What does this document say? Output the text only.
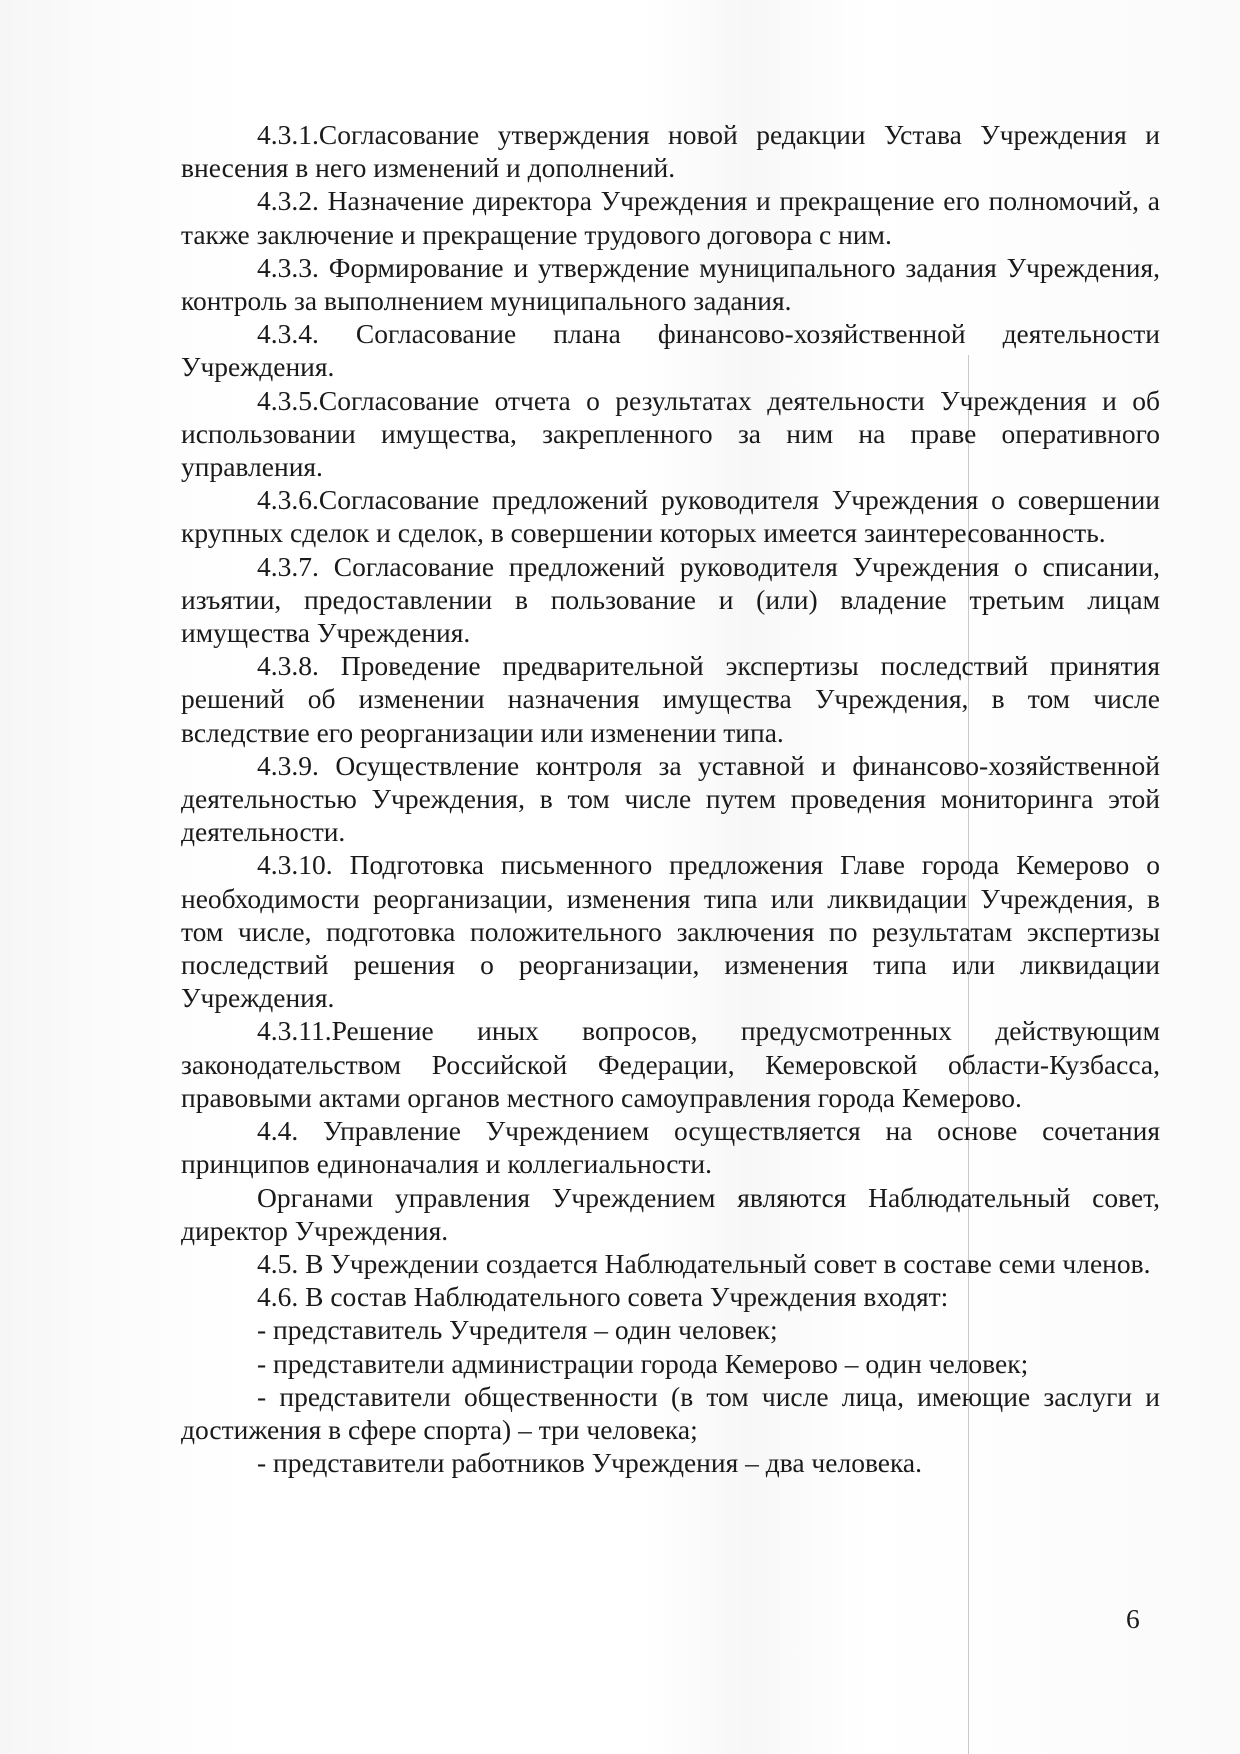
4.3.1.Согласование утверждения новой редакции Устава Учреждения и внесения в него изменений и дополнений.

4.3.2. Назначение директора Учреждения и прекращение его полномочий, а также заключение и прекращение трудового договора с ним.

4.3.3. Формирование и утверждение муниципального задания Учреждения, контроль за выполнением муниципального задания.

4.3.4. Согласование плана финансово-хозяйственной деятельности Учреждения.

4.3.5.Согласование отчета о результатах деятельности Учреждения и об использовании имущества, закрепленного за ним на праве оперативного управления.

4.3.6.Согласование предложений руководителя Учреждения о совершении крупных сделок и сделок, в совершении которых имеется заинтересованность.

4.3.7. Согласование предложений руководителя Учреждения о списании, изъятии, предоставлении в пользование и (или) владение третьим лицам имущества Учреждения.

4.3.8. Проведение предварительной экспертизы последствий принятия решений об изменении назначения имущества Учреждения, в том числе вследствие его реорганизации или изменении типа.

4.3.9. Осуществление контроля за уставной и финансово-хозяйственной деятельностью Учреждения, в том числе путем проведения мониторинга этой деятельности.

4.3.10. Подготовка письменного предложения Главе города Кемерово о необходимости реорганизации, изменения типа или ликвидации Учреждения, в том числе, подготовка положительного заключения по результатам экспертизы последствий решения о реорганизации, изменения типа или ликвидации Учреждения.

4.3.11.Решение иных вопросов, предусмотренных действующим законодательством Российской Федерации, Кемеровской области-Кузбасса, правовыми актами органов местного самоуправления города Кемерово.

4.4. Управление Учреждением осуществляется на основе сочетания принципов единоначалия и коллегиальности.

Органами управления Учреждением являются Наблюдательный совет, директор Учреждения.

4.5. В Учреждении создается Наблюдательный совет в составе семи членов.

4.6. В состав Наблюдательного совета Учреждения входят:

- представитель Учредителя – один человек;

- представители администрации города Кемерово – один человек;

- представители общественности (в том числе лица, имеющие заслуги и достижения в сфере спорта) – три человека;

- представители работников Учреждения – два человека.

6
